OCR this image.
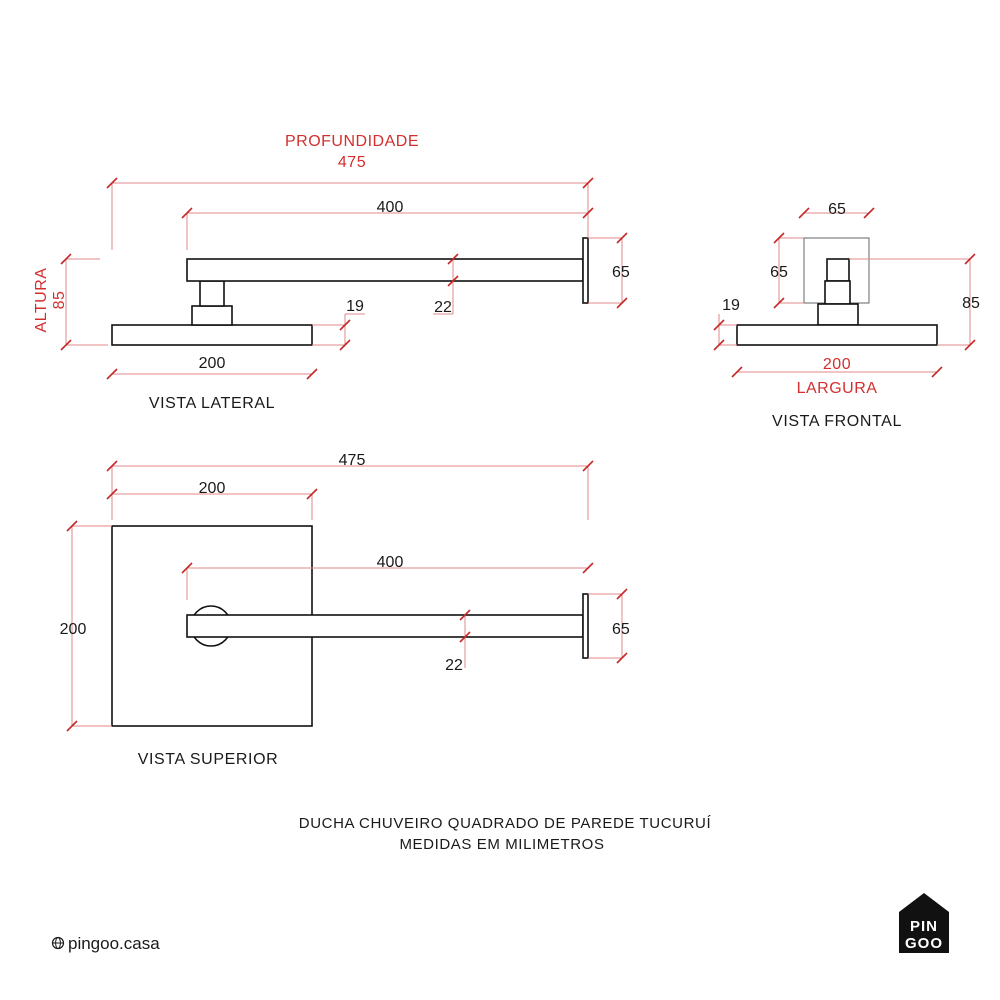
PROFUNDIDADE
475
400
65
22
19
ALTURA 85
200
VISTA LATERAL
65
65
85
19
200
LARGURA
VISTA FRONTAL
475
200
400
200	65
22
VISTA SUPERIOR
DUCHA CHUVEIRO QUADRADO DE PAREDE TUCURUÍ
MEDIDAS EM MILIMETROS
pingoo.casa
PIN
GOO
